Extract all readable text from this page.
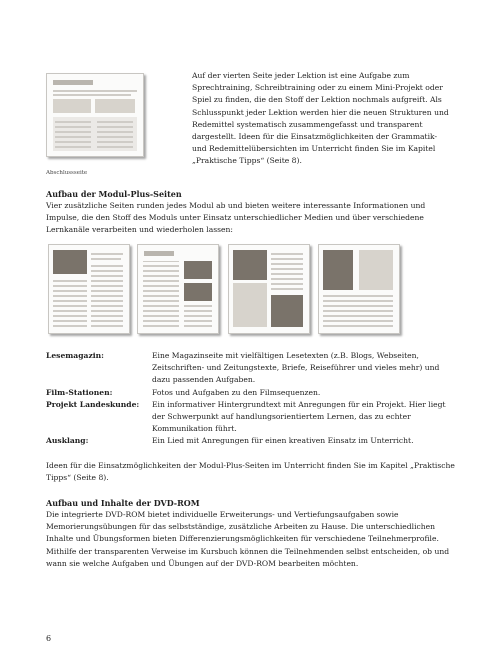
Abschlussseite

Auf der vierten Seite jeder Lektion ist eine Aufgabe zum Sprechtraining, Schreibtraining oder zu einem Mini-Projekt oder Spiel zu finden, die den Stoff der Lektion nochmals aufgreift. Als Schlusspunkt jeder Lektion werden hier die neuen Strukturen und Redemittel systematisch zusammengefasst und transparent dargestellt. Ideen für die Einsatzmöglichkeiten der Grammatik- und Redemittelübersichten im Unterricht finden Sie im Kapitel „Praktische Tipps“ (Seite 8).

Aufbau der Modul-Plus-Seiten

Vier zusätzliche Seiten runden jedes Modul ab und bieten weitere interessante Informationen und Impulse, die den Stoff des Moduls unter Einsatz unterschiedlicher Medien und über verschiedene Lernkanäle verarbeiten und wiederholen lassen:

Lesemagazin:	Eine Magazinseite mit vielfältigen Lesetexten (z.B. Blogs, Webseiten, Zeitschriften- und Zeitungstexte, Briefe, Reiseführer und vieles mehr) und dazu passenden Aufgaben.
Film-Stationen:	Fotos und Aufgaben zu den Filmsequenzen.
Projekt Landeskunde:	Ein informativer Hintergrundtext mit Anregungen für ein Projekt. Hier liegt der Schwerpunkt auf handlungsorientiertem Lernen, das zu echter Kommunikation führt.
Ausklang:	Ein Lied mit Anregungen für einen kreativen Einsatz im Unterricht.

Ideen für die Einsatzmöglichkeiten der Modul-Plus-Seiten im Unterricht finden Sie im Kapitel „Praktische Tipps“ (Seite 8).

Aufbau und Inhalte der DVD-ROM

Die integrierte DVD-ROM bietet individuelle Erweiterungs- und Vertiefungsaufgaben sowie Memorierungsübungen für das selbstständige, zusätzliche Arbeiten zu Hause. Die unterschiedlichen Inhalte und Übungsformen bieten Differenzierungsmöglichkeiten für verschiedene Teilnehmerprofile. Mithilfe der transparenten Verweise im Kursbuch können die Teilnehmenden selbst entscheiden, ob und wann sie welche Aufgaben und Übungen auf der DVD-ROM bearbeiten möchten.

6
